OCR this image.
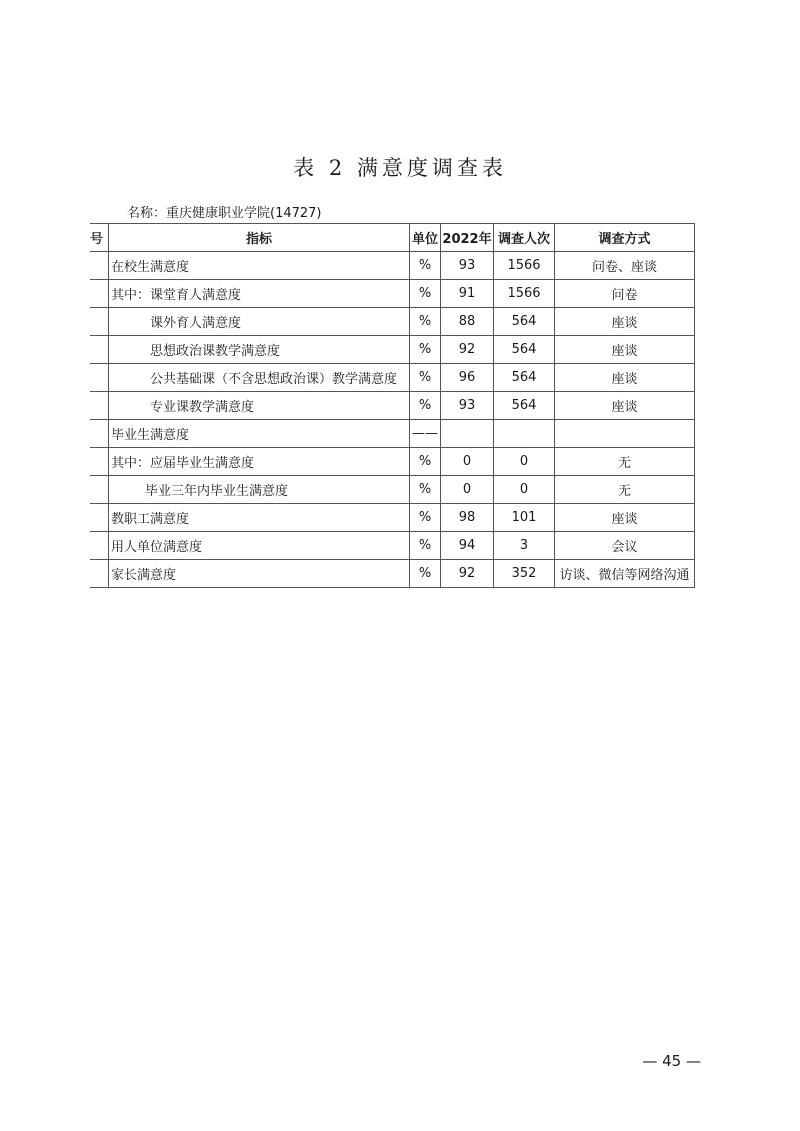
表 2 满意度调查表
名称：重庆健康职业学院(14727)
号	指标	单位	2022年	调查人次	调查方式
	在校生满意度	%	93	1566	问卷、座谈
	其中：课堂育人满意度	%	91	1566	问卷
	课外育人满意度	%	88	564	座谈
	思想政治课教学满意度	%	92	564	座谈
	公共基础课（不含思想政治课）教学满意度	%	96	564	座谈
	专业课教学满意度	%	93	564	座谈
	毕业生满意度	——			
	其中：应届毕业生满意度	%	0	0	无
	毕业三年内毕业生满意度	%	0	0	无
	教职工满意度	%	98	101	座谈
	用人单位满意度	%	94	3	会议
	家长满意度	%	92	352	访谈、微信等网络沟通
— 45 —
